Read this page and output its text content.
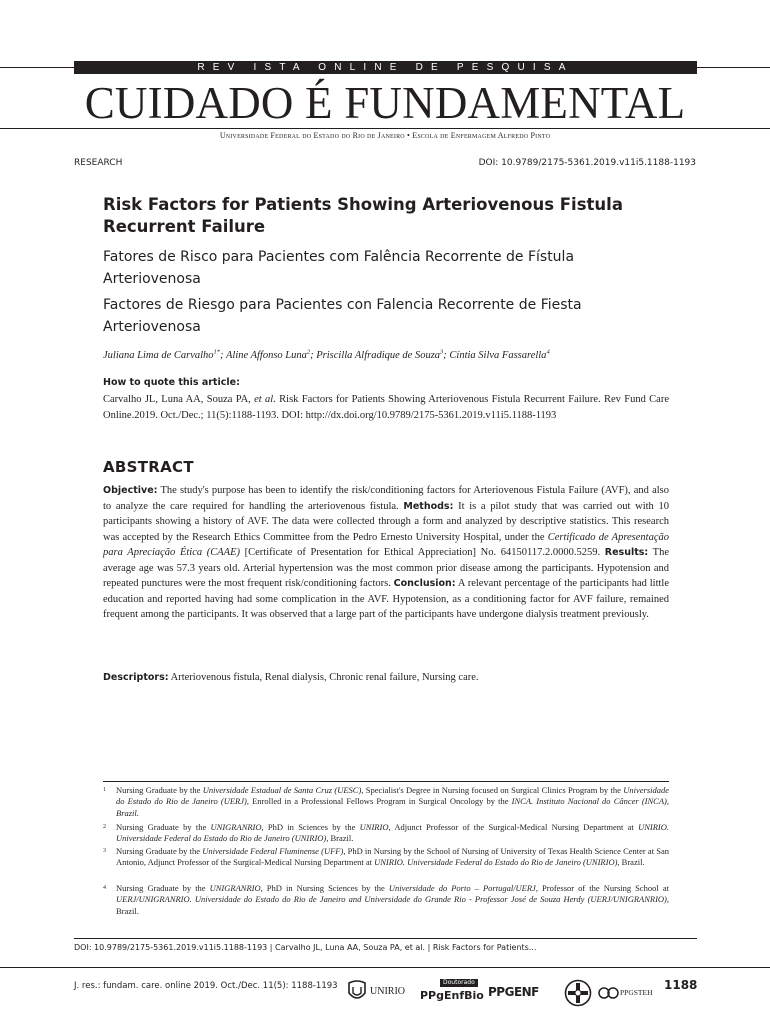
REV ISTA ONLINE DE PESQUISA
CUIDADO É FUNDAMENTAL
Universidade Federal do Estado do Rio de Janeiro • Escola de Enfermagem Alfredo Pinto
RESEARCH	DOI: 10.9789/2175-5361.2019.v11i5.1188-1193
Risk Factors for Patients Showing Arteriovenous Fistula Recurrent Failure
Fatores de Risco para Pacientes com Falência Recorrente de Fístula Arteriovenosa
Factores de Riesgo para Pacientes con Falencia Recorrente de Fiesta Arteriovenosa
Juliana Lima de Carvalho$^{1*}$; Aline Affonso Luna$^2$; Priscilla Alfradique de Souza$^3$; Cíntia Silva Fassarella$^4$
How to quote this article:
Carvalho JL, Luna AA, Souza PA, et al. Risk Factors for Patients Showing Arteriovenous Fistula Recurrent Failure. Rev Fund Care Online.2019. Oct./Dec.; 11(5):1188-1193. DOI: http://dx.doi.org/10.9789/2175-5361.2019.v11i5.1188-1193
ABSTRACT
Objective: The study's purpose has been to identify the risk/conditioning factors for Arteriovenous Fistula Failure (AVF), and also to analyze the care required for handling the arteriovenous fistula. Methods: It is a pilot study that was carried out with 10 participants showing a history of AVF. The data were collected through a form and analyzed by descriptive statistics. This research was accepted by the Research Ethics Committee from the Pedro Ernesto University Hospital, under the Certificado de Apresentação para Apreciação Ética (CAAE) [Certificate of Presentation for Ethical Appreciation] No. 64150117.2.0000.5259. Results: The average age was 57.3 years old. Arterial hypertension was the most common prior disease among the participants. Hypotension and repeated punctures were the most frequent risk/conditioning factors. Conclusion: A relevant percentage of the participants had little education and reported having had some complication in the AVF. Hypotension, as a conditioning factor for AVF failure, remained frequent among the participants. It was observed that a large part of the participants have undergone dialysis treatment previously.
Descriptors: Arteriovenous fistula, Renal dialysis, Chronic renal failure, Nursing care.
1 Nursing Graduate by the Universidade Estadual de Santa Cruz (UESC), Specialist's Degree in Nursing focused on Surgical Clinics Program by the Universidade do Estado do Rio de Janeiro (UERJ), Enrolled in a Professional Fellows Program in Surgical Oncology by the INCA. Instituto Nacional do Câncer (INCA), Brazil.
2 Nursing Graduate by the UNIGRANRIO, PhD in Sciences by the UNIRIO, Adjunct Professor of the Surgical-Medical Nursing Department at UNIRIO. Universidade Federal do Estado do Rio de Janeiro (UNIRIO), Brazil.
3 Nursing Graduate by the Universidade Federal Fluminense (UFF), PhD in Nursing by the School of Nursing of University of Texas Health Science Center at San Antonio, Adjunct Professor of the Surgical-Medical Nursing Department at UNIRIO. Universidade Federal do Estado do Rio de Janeiro (UNIRIO), Brazil.
4 Nursing Graduate by the UNIGRANRIO, PhD in Nursing Sciences by the Universidade do Porto – Portugal/UERJ, Professor of the Nursing School at UERJ/UNIGRANRIO. Universidade do Estado do Rio de Janeiro and Universidade do Grande Rio - Professor José de Souza Herdy (UERJ/UNIGRANRIO), Brazil.
DOI: 10.9789/2175-5361.2019.v11i5.1188-1193 | Carvalho JL, Luna AA, Souza PA, et al. | Risk Factors for Patients...
J. res.: fundam. care. online 2019. Oct./Dec. 11(5): 1188-1193	UNIRIO
Doutorado
PPgEnfBio PPGENF	PPGSTEH
1188
